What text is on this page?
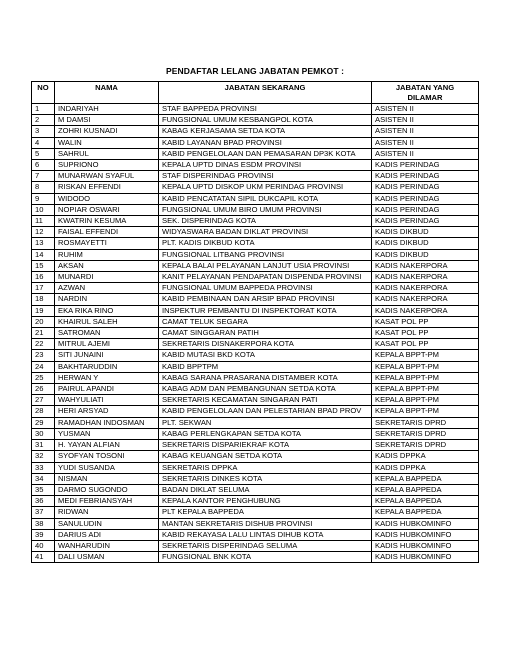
PENDAFTAR LELANG JABATAN PEMKOT :
NO	NAMA	JABATAN SEKARANG	JABATAN YANG DILAMAR
1	INDARIYAH	STAF BAPPEDA PROVINSI	ASISTEN II
2	M DAMSI	FUNGSIONAL UMUM KESBANGPOL KOTA	ASISTEN II
3	ZOHRI KUSNADI	KABAG KERJASAMA SETDA KOTA	ASISTEN II
4	WALIN	KABID LAYANAN BPAD PROVINSI	ASISTEN II
5	SAHRUL	KABID PENGELOLAAN DAN PEMASARAN DP3K KOTA	ASISTEN II
6	SUPRIONO	KEPALA UPTD DINAS ESDM PROVINSI	KADIS PERINDAG
7	MUNARWAN SYAFUL	STAF DISPERINDAG PROVINSI	KADIS PERINDAG
8	RISKAN EFFENDI	KEPALA UPTD DISKOP UKM PERINDAG PROVINSI	KADIS PERINDAG
9	WIDODO	KABID PENCATATAN SIPIL DUKCAPIL KOTA	KADIS PERINDAG
10	NOPIAR OSWARI	FUNGSIONAL UMUM BIRO UMUM PROVINSI	KADIS PERINDAG
11	KWATRIN KESUMA	SEK. DISPERINDAG KOTA	KADIS PERINDAG
12	FAISAL EFFENDI	WIDYASWARA BADAN DIKLAT PROVINSI	KADIS DIKBUD
13	ROSMAYETTI	PLT. KADIS DIKBUD KOTA	KADIS DIKBUD
14	RUHIM	FUNGSIONAL LITBANG PROVINSI	KADIS DIKBUD
15	AKSAN	KEPALA BALAI PELAYANAN LANJUT USIA PROVINSI	KADIS NAKERPORA
16	MUNARDI	KANIT PELAYANAN PENDAPATAN DISPENDA PROVINSI	KADIS NAKERPORA
17	AZWAN	FUNGSIONAL UMUM BAPPEDA PROVINSI	KADIS NAKERPORA
18	NARDIN	KABID PEMBINAAN DAN ARSIP BPAD PROVINSI	KADIS NAKERPORA
19	EKA RIKA RINO	INSPEKTUR PEMBANTU DI INSPEKTORAT KOTA	KADIS NAKERPORA
20	KHAIRUL SALEH	CAMAT TELUK SEGARA	KASAT POL PP
21	SATROMAN	CAMAT SINGGARAN PATIH	KASAT POL PP
22	MITRUL AJEMI	SEKRETARIS DISNAKERPORA KOTA	KASAT POL PP
23	SITI JUNAINI	KABID MUTASI BKD KOTA	KEPALA BPPT-PM
24	BAKHTARUDDIN	KABID BPPTPM	KEPALA BPPT-PM
25	HERWAN Y	KABAG SARANA PRASARANA DISTAMBER KOTA	KEPALA BPPT-PM
26	PAIRUL APANDI	KABAG ADM DAN PEMBANGUNAN SETDA KOTA	KEPALA BPPT-PM
27	WAHYULIATI	SEKRETARIS KECAMATAN SINGARAN PATI	KEPALA BPPT-PM
28	HERI ARSYAD	KABID PENGELOLAAN DAN PELESTARIAN BPAD PROV	KEPALA BPPT-PM
29	RAMADHAN INDOSMAN	PLT. SEKWAN	SEKRETARIS DPRD
30	YUSMAN	KABAG PERLENGKAPAN SETDA KOTA	SEKRETARIS DPRD
31	H. YAYAN ALFIAN	SEKRETARIS DISPARIEKRAF KOTA	SEKRETARIS DPRD
32	SYOFYAN TOSONI	KABAG KEUANGAN SETDA KOTA	KADIS DPPKA
33	YUDI SUSANDA	SEKRETARIS DPPKA	KADIS DPPKA
34	NISMAN	SEKRETARIS DINKES KOTA	KEPALA BAPPEDA
35	DARMO SUGONDO	BADAN DIKLAT SELUMA	KEPALA BAPPEDA
36	MEDI FEBRIANSYAH	KEPALA KANTOR PENGHUBUNG	KEPALA BAPPEDA
37	RIDWAN	PLT KEPALA BAPPEDA	KEPALA BAPPEDA
38	SANULUDIN	MANTAN SEKRETARIS DISHUB PROVINSI	KADIS HUBKOMINFO
39	DARIUS ADI	KABID REKAYASA LALU LINTAS DIHUB KOTA	KADIS HUBKOMINFO
40	WANHARUDIN	SEKRETARIS DISPERINDAG SELUMA	KADIS HUBKOMINFO
41	DALI USMAN	FUNGSIONAL BNK KOTA	KADIS HUBKOMINFO
